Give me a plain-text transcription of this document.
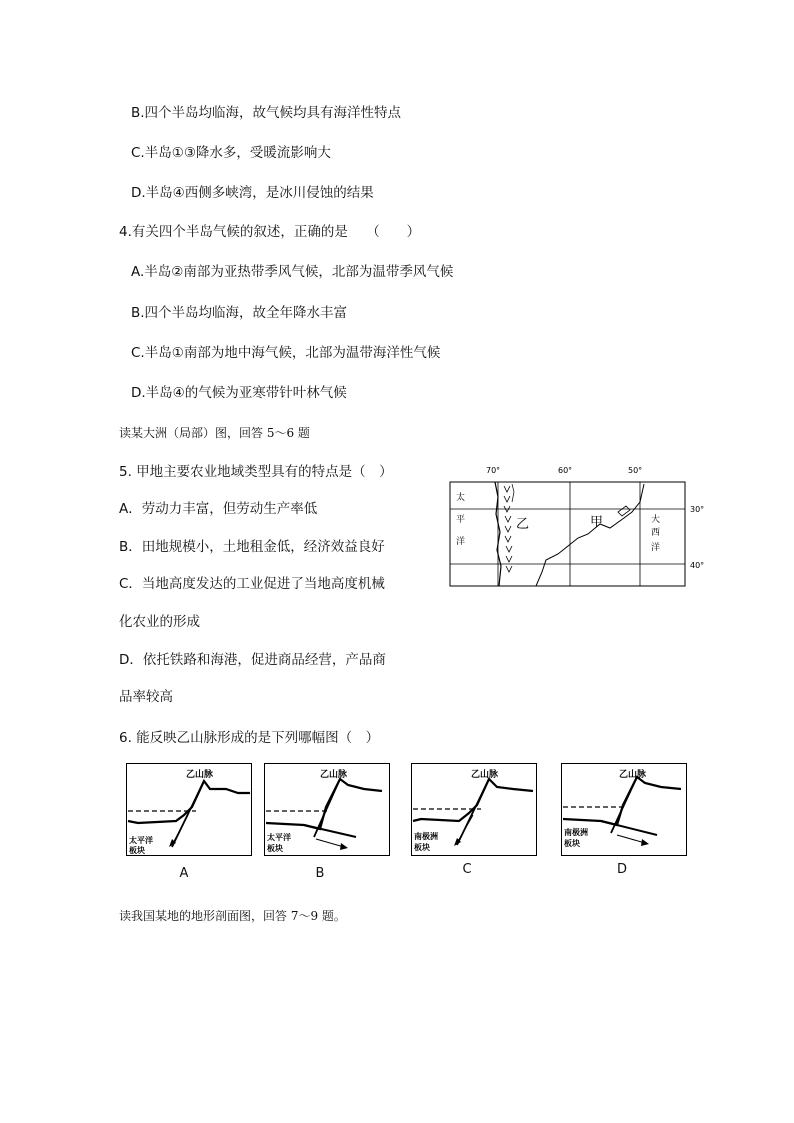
B.四个半岛均临海，故气候均具有海洋性特点
C.半岛①③降水多，受暖流影响大
D.半岛④西侧多峡湾，是冰川侵蚀的结果
4.有关四个半岛气候的叙述，正确的是 （　　）
A.半岛②南部为亚热带季风气候，北部为温带季风气候
B.四个半岛均临海，故全年降水丰富
C.半岛①南部为地中海气候，北部为温带海洋性气候
D.半岛④的气候为亚寒带针叶林气候
读某大洲（局部）图，回答 5～6 题
5. 甲地主要农业地域类型具有的特点是（　）
A．劳动力丰富，但劳动生产率低
B．田地规模小，土地租金低，经济效益良好
C．当地高度发达的工业促进了当地高度机械
化农业的形成
D．依托铁路和海港，促进商品经营，产品商
品率较高
70°	60°	50°
30°
40°
太
平
洋
大
西
洋
乙	甲
6. 能反映乙山脉形成的是下列哪幅图（　）
乙山脉
太平洋
板块
A
乙山脉
太平洋
板块
B
乙山脉
南极洲
板块
C
乙山脉
南极洲
板块
D
读我国某地的地形剖面图，回答 7～9 题。
